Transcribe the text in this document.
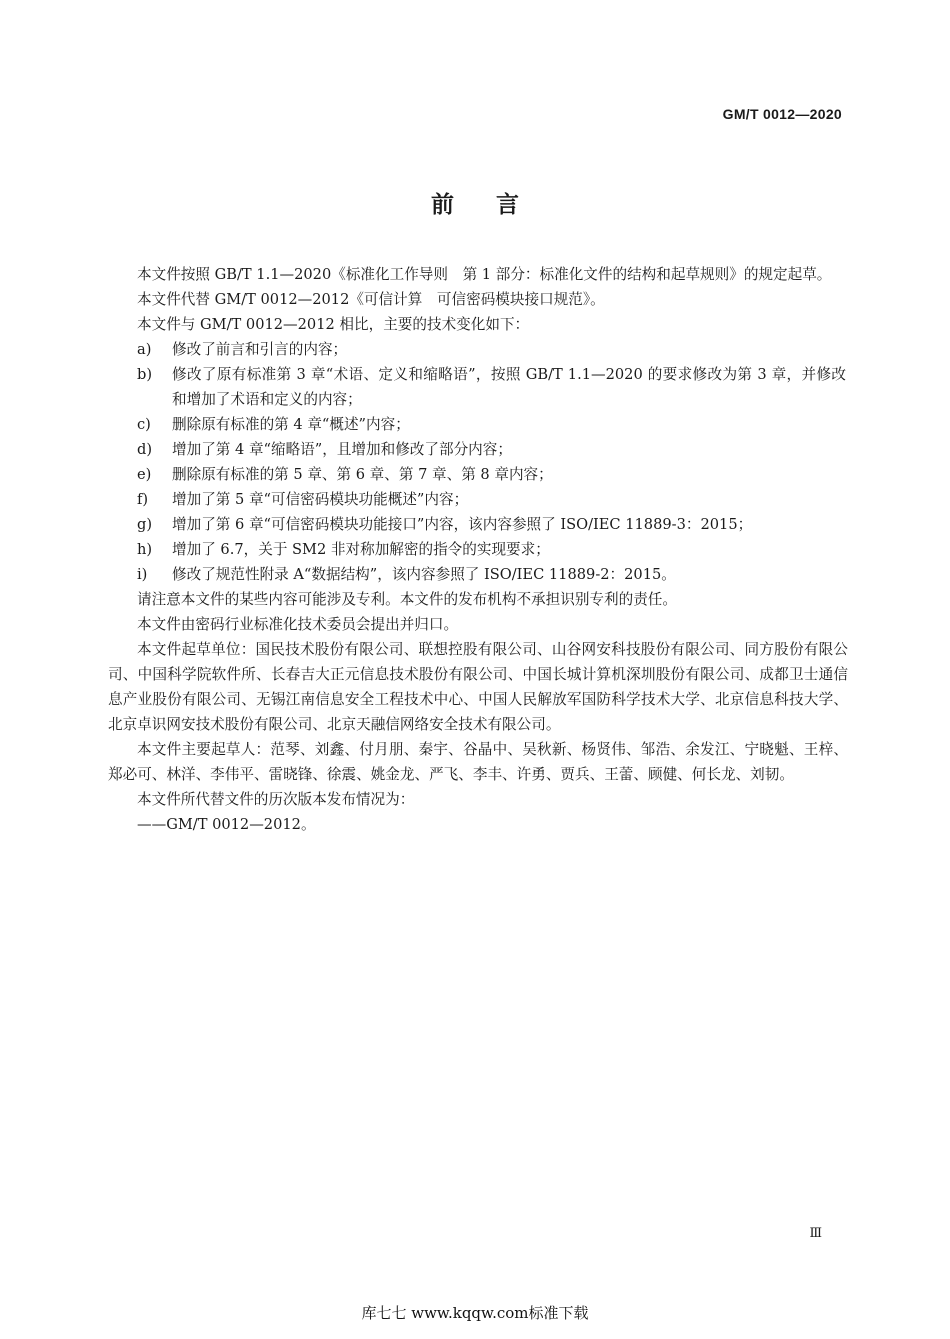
GM/T 0012—2020
前言

本文件按照 GB/T 1.1—2020《标准化工作导则　第 1 部分：标准化文件的结构和起草规则》的规定起草。

本文件代替 GM/T 0012—2012《可信计算　可信密码模块接口规范》。

本文件与 GM/T 0012—2012 相比，主要的技术变化如下：

a) 修改了前言和引言的内容；
b) 修改了原有标准第 3 章“术语、定义和缩略语”，按照 GB/T 1.1—2020 的要求修改为第 3 章，并修改和增加了术语和定义的内容；
c) 删除原有标准的第 4 章“概述”内容；
d) 增加了第 4 章“缩略语”，且增加和修改了部分内容；
e) 删除原有标准的第 5 章、第 6 章、第 7 章、第 8 章内容；
f) 增加了第 5 章“可信密码模块功能概述”内容；
g) 增加了第 6 章“可信密码模块功能接口”内容，该内容参照了 ISO/IEC 11889-3：2015；
h) 增加了 6.7，关于 SM2 非对称加解密的指令的实现要求；
i) 修改了规范性附录 A“数据结构”，该内容参照了 ISO/IEC 11889-2：2015。

请注意本文件的某些内容可能涉及专利。本文件的发布机构不承担识别专利的责任。

本文件由密码行业标准化技术委员会提出并归口。

本文件起草单位：国民技术股份有限公司、联想控股有限公司、山谷网安科技股份有限公司、同方股份有限公司、中国科学院软件所、长春吉大正元信息技术股份有限公司、中国长城计算机深圳股份有限公司、成都卫士通信息产业股份有限公司、无锡江南信息安全工程技术中心、中国人民解放军国防科学技术大学、北京信息科技大学、北京卓识网安技术股份有限公司、北京天融信网络安全技术有限公司。

本文件主要起草人：范琴、刘鑫、付月朋、秦宇、谷晶中、吴秋新、杨贤伟、邹浩、余发江、宁晓魁、王梓、郑必可、林洋、李伟平、雷晓锋、徐震、姚金龙、严飞、李丰、许勇、贾兵、王蕾、顾健、何长龙、刘韧。

本文件所代替文件的历次版本发布情况为：

——GM/T 0012—2012。

Ⅲ
库七七 www.kqqw.com标准下载
